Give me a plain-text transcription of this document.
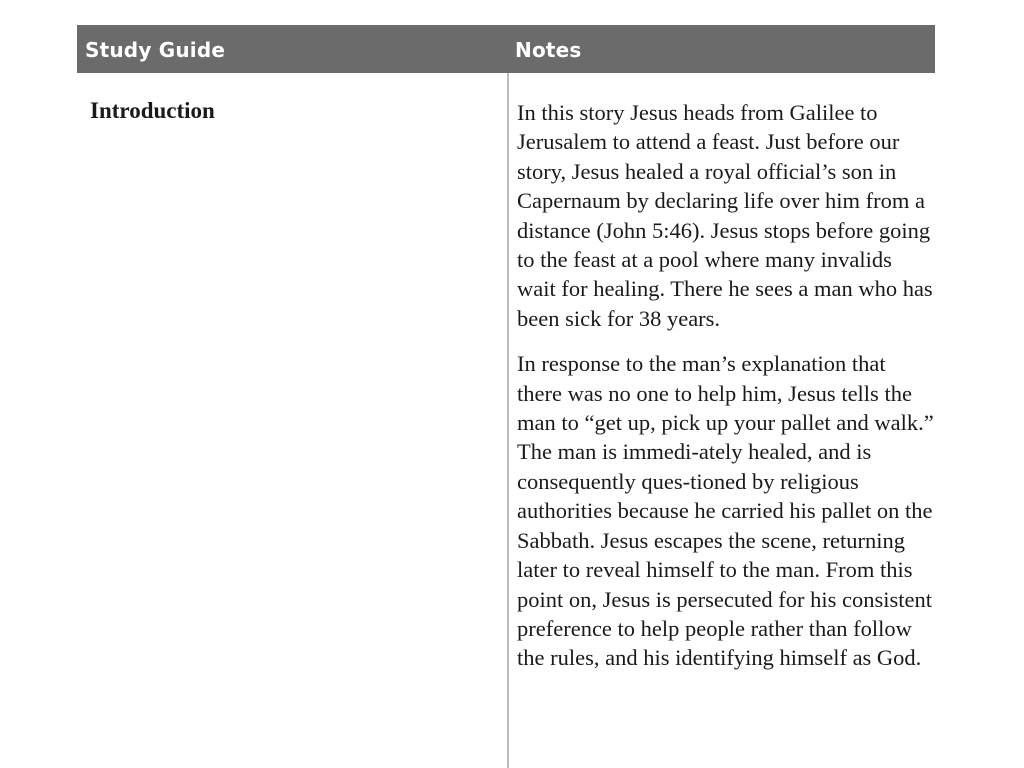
Study Guide	Notes
Introduction	In this story Jesus heads from Galilee to Jerusalem to attend a feast. Just before our story, Jesus healed a royal official’s son in Capernaum by declaring life over him from a distance (John 5:46). Jesus stops before going to the feast at a pool where many invalids wait for healing. There he sees a man who has been sick for 38 years.

In response to the man’s explanation that there was no one to help him, Jesus tells the man to “get up, pick up your pallet and walk.” The man is immedi-ately healed, and is consequently ques-tioned by religious authorities because he carried his pallet on the Sabbath. Jesus escapes the scene, returning later to reveal himself to the man. From this point on, Jesus is persecuted for his consistent preference to help people rather than follow the rules, and his identifying himself as God.
